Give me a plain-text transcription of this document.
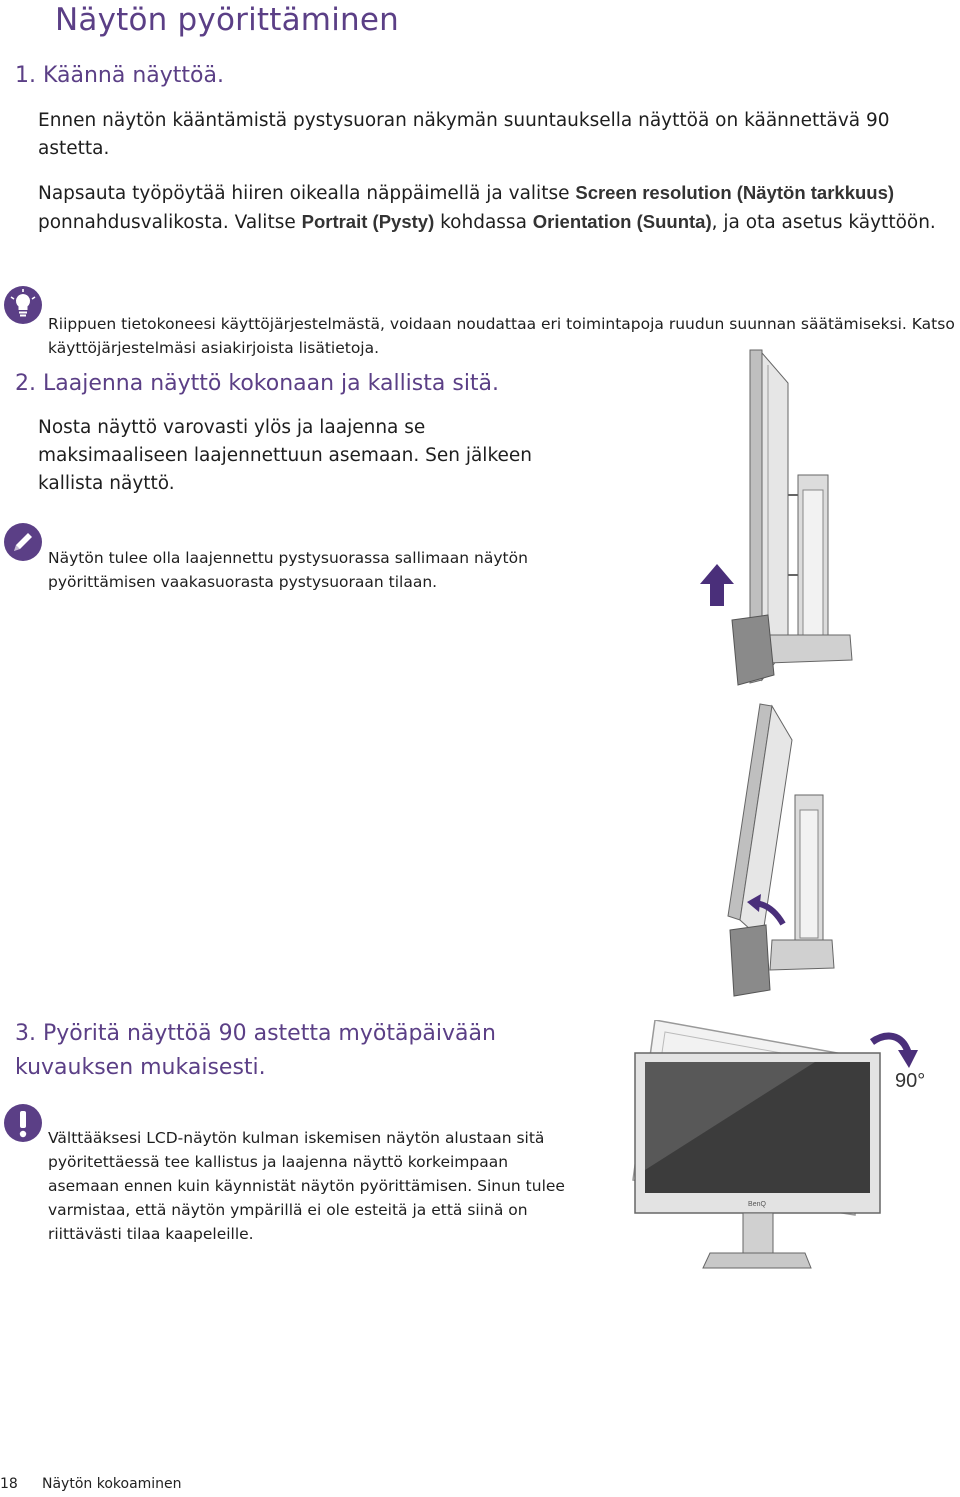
Näytön pyörittäminen
1. Käännä näyttöä.
Ennen näytön kääntämistä pystysuoran näkymän suuntauksella näyttöä on käännettävä 90 astetta.
Napsauta työpöytää hiiren oikealla näppäimellä ja valitse Screen resolution (Näytön tarkkuus) ponnahdusvalikosta. Valitse Portrait (Pysty) kohdassa Orientation (Suunta), ja ota asetus käyttöön.
Riippuen tietokoneesi käyttöjärjestelmästä, voidaan noudattaa eri toimintapoja ruudun suunnan säätämiseksi. Katso käyttöjärjestelmäsi asiakirjoista lisätietoja.
2. Laajenna näyttö kokonaan ja kallista sitä.
Nosta näyttö varovasti ylös ja laajenna se maksimaaliseen laajennettuun asemaan. Sen jälkeen kallista näyttö.
Näytön tulee olla laajennettu pystysuorassa sallimaan näytön pyörittämisen vaakasuorasta pystysuoraan tilaan.
3. Pyöritä näyttöä 90 astetta myötäpäivään kuvauksen mukaisesti.
Välttääksesi LCD-näytön kulman iskemisen näytön alustaan sitä pyöritettäessä tee kallistus ja laajenna näyttö korkeimpaan asemaan ennen kuin käynnistät näytön pyörittämisen. Sinun tulee varmistaa, että näytön ympärillä ei ole esteitä ja että siinä on riittävästi tilaa kaapeleille.
BenQ
90°
18 Näytön kokoaminen
